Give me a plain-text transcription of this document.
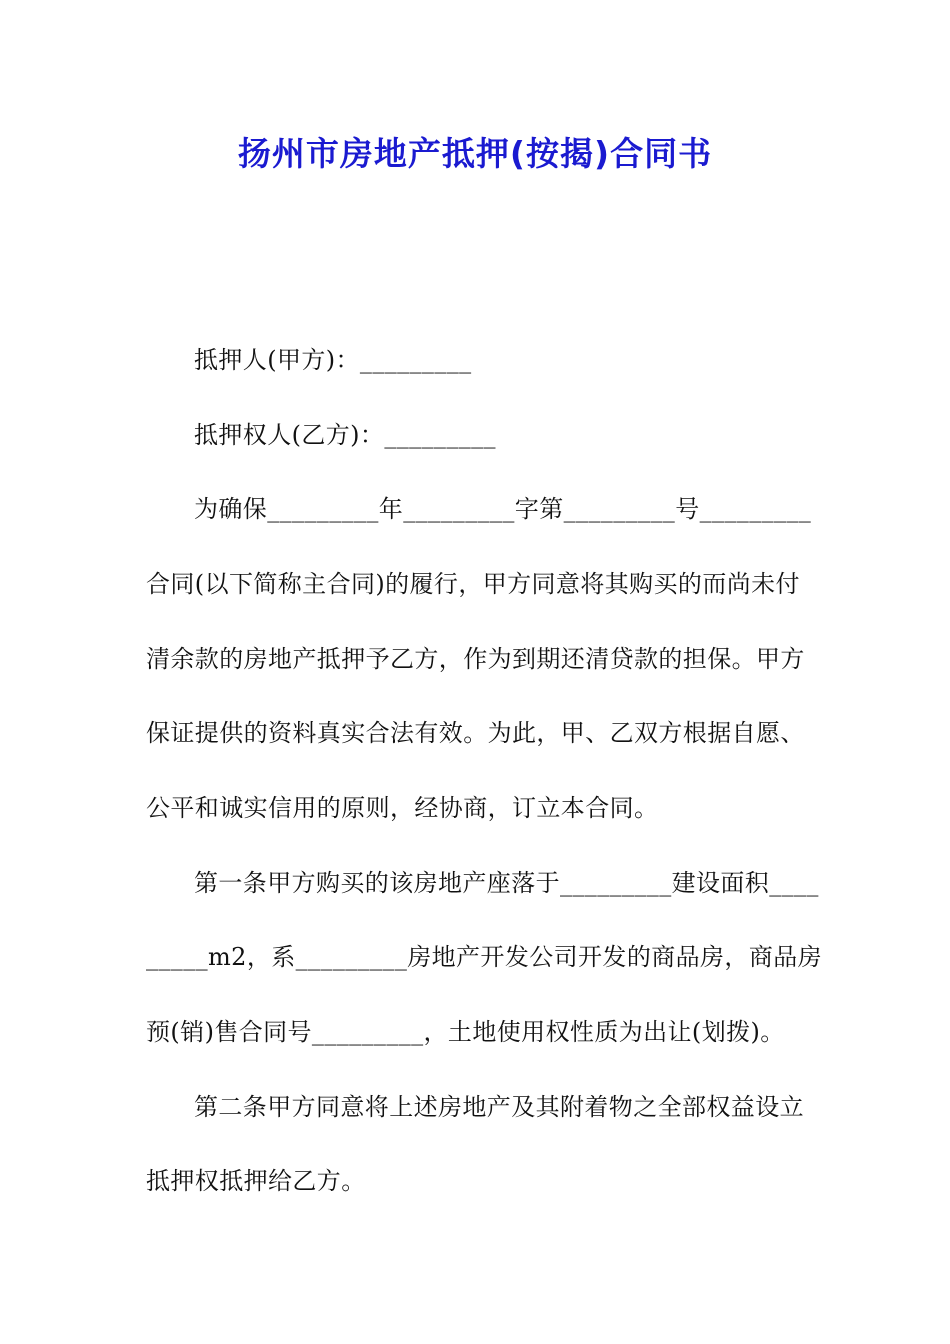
扬州市房地产抵押(按揭)合同书
抵押人(甲方)：_________
抵押权人(乙方)：_________
为确保_________年_________字第_________号_________
合同(以下简称主合同)的履行，甲方同意将其购买的而尚未付
清余款的房地产抵押予乙方，作为到期还清贷款的担保。甲方
保证提供的资料真实合法有效。为此，甲、乙双方根据自愿、
公平和诚实信用的原则，经协商，订立本合同。
第一条甲方购买的该房地产座落于_________建设面积____
_____m2，系_________房地产开发公司开发的商品房，商品房
预(销)售合同号_________，土地使用权性质为出让(划拨)。
第二条甲方同意将上述房地产及其附着物之全部权益设立
抵押权抵押给乙方。
